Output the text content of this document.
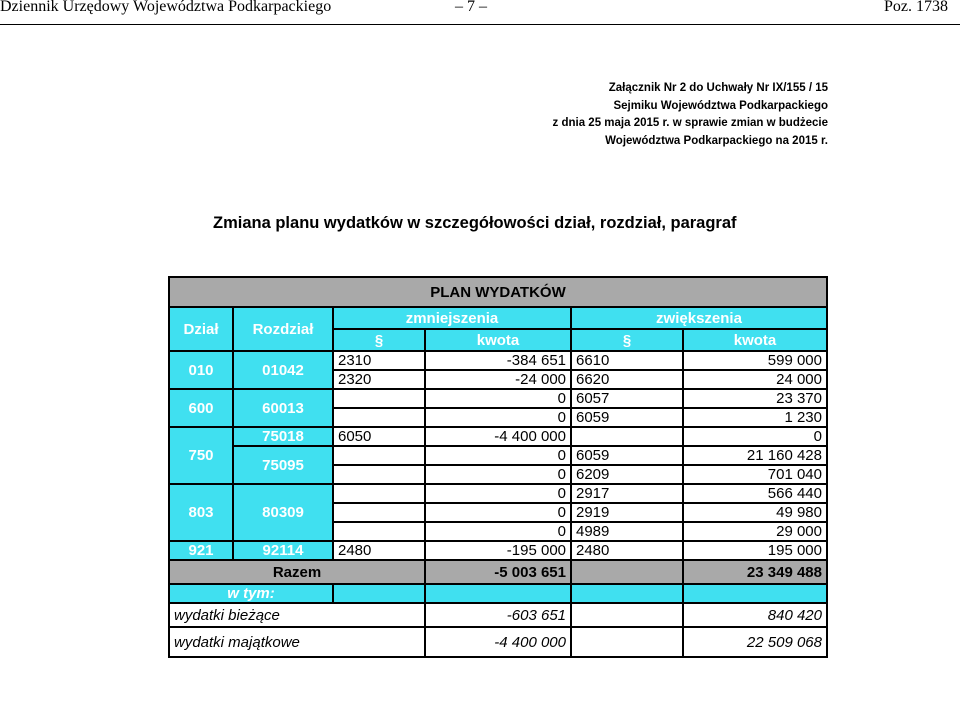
Dziennik Urzędowy Województwa Podkarpackiego	– 7 –	Poz. 1738
Załącznik Nr 2 do Uchwały Nr IX/155 / 15
Sejmiku Województwa Podkarpackiego
z dnia 25 maja 2015 r. w sprawie zmian w budżecie
Województwa Podkarpackiego na 2015 r.
Zmiana planu wydatków w szczegółowości dział, rozdział, paragraf
PLAN WYDATKÓW					
Dział	Rozdział	zmniejszenia		zwiększenia	
		§	kwota	§	kwota
010	01042	2310	-384 651	6610	599 000
		2320	-24 000	6620	24 000
600	60013		0	6057	23 370
			0	6059	1 230
750	75018	6050	-4 400 000		0
	75095		0	6059	21 160 428
			0	6209	701 040
803	80309		0	2917	566 440
			0	2919	49 980
			0	4989	29 000
921	92114	2480	-195 000	2480	195 000
Razem			-5 003 651		23 349 488
w tym:					
wydatki bieżące			-603 651		840 420
wydatki majątkowe			-4 400 000		22 509 068
